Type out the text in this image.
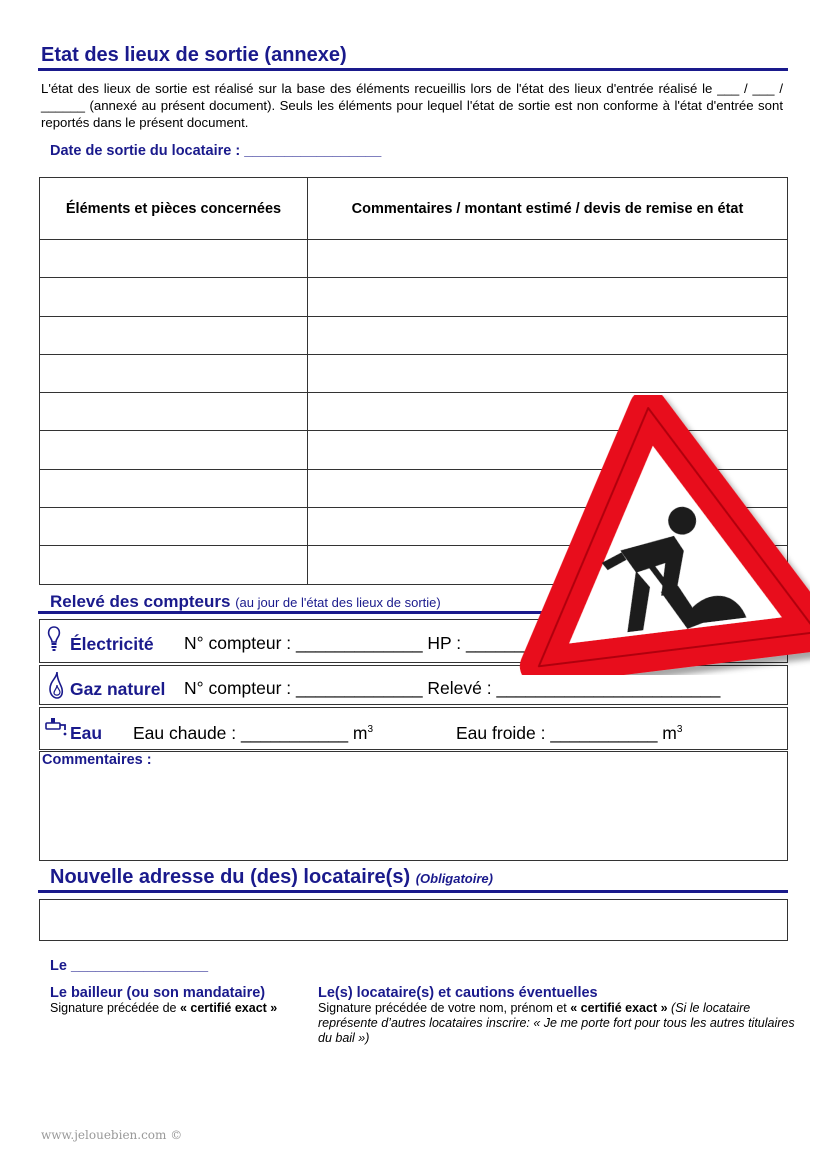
Etat des lieux de sortie (annexe)
L'état des lieux de sortie est réalisé sur la base des éléments recueillis lors de l'état des lieux d'entrée réalisé le ___ / ___ / ______ (annexé au présent document). Seuls les éléments pour lequel l'état de sortie est non conforme à l'état d'entrée sont reportés dans le présent document.
Date de sortie du locataire : _________________
Éléments et pièces concernées	Commentaires / montant estimé / devis de remise en état

Relevé des compteurs (au jour de l'état des lieux de sortie)
Électricité N° compteur : _____________ HP : ______
Gaz naturel N° compteur : _____________ Relevé : _______________________
Eau Eau chaude : ___________ $m^3$	Eau froide : ___________ $m^3$
Commentaires :
Nouvelle adresse du (des) locataire(s) (Obligatoire)
Le _________________
Le bailleur (ou son mandataire)
Signature précédée de « certifié exact »
Le(s) locataire(s) et cautions éventuelles
Signature précédée de votre nom, prénom et « certifié exact » (Si le locataire représente d’autres locataires inscrire: « Je me porte fort pour tous les autres titulaires du bail »)
www.jelouebien.com ©
